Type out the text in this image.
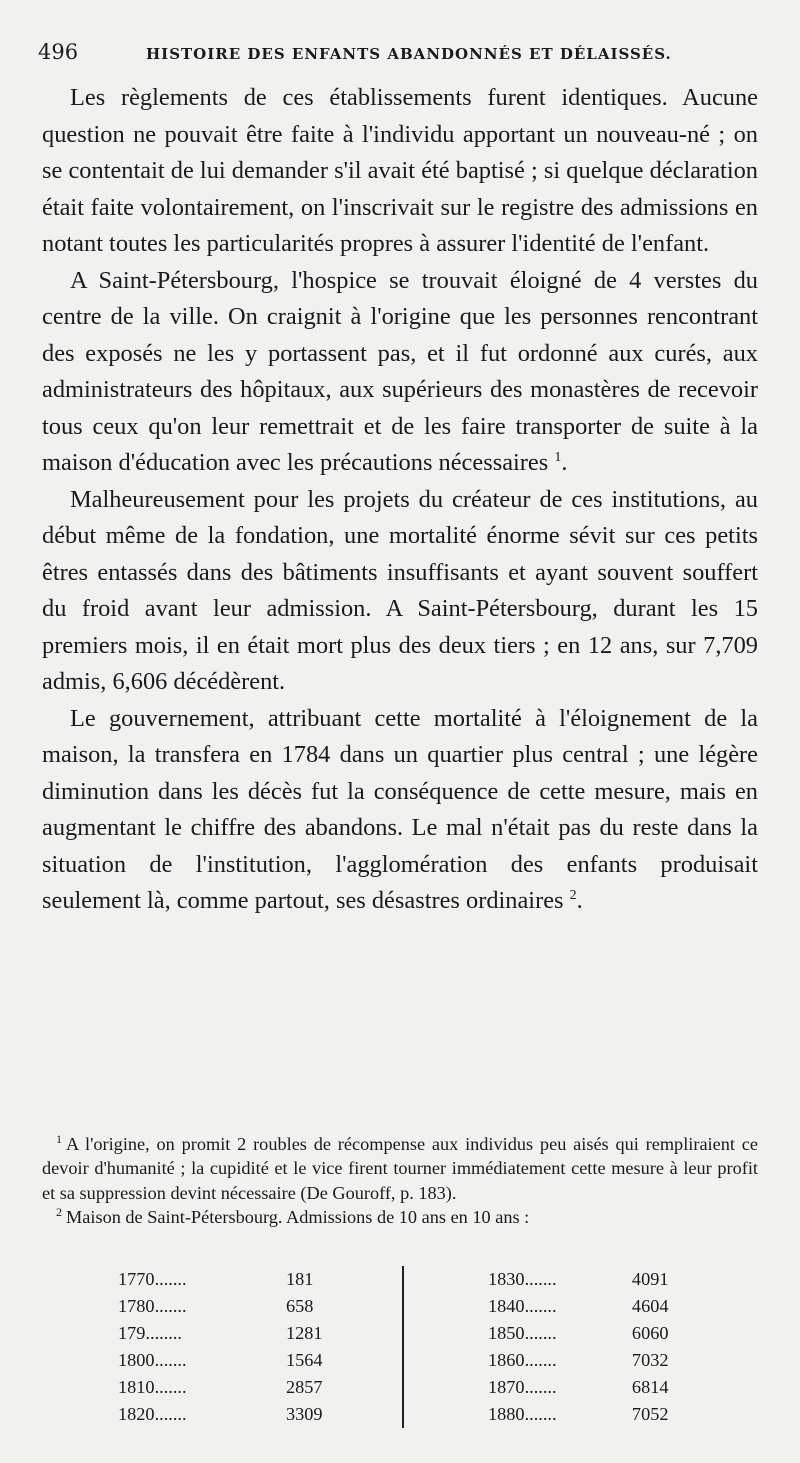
496	HISTOIRE DES ENFANTS ABANDONNÉS ET DÉLAISSÉS.

Les règlements de ces établissements furent identiques. Aucune question ne pouvait être faite à l'individu apportant un nouveau-né ; on se contentait de lui demander s'il avait été baptisé ; si quelque déclaration était faite volontairement, on l'inscrivait sur le registre des admissions en notant toutes les particularités propres à assurer l'identité de l'enfant.

A Saint-Pétersbourg, l'hospice se trouvait éloigné de 4 verstes du centre de la ville. On craignit à l'origine que les personnes rencontrant des exposés ne les y portassent pas, et il fut ordonné aux curés, aux administrateurs des hôpitaux, aux supérieurs des monastères de recevoir tous ceux qu'on leur remettrait et de les faire transporter de suite à la maison d'éducation avec les précautions nécessaires $^1$.

Malheureusement pour les projets du créateur de ces institutions, au début même de la fondation, une mortalité énorme sévit sur ces petits êtres entassés dans des bâtiments insuffisants et ayant souvent souffert du froid avant leur admission. A Saint-Pétersbourg, durant les 15 premiers mois, il en était mort plus des deux tiers ; en 12 ans, sur 7,709 admis, 6,606 décédèrent.

Le gouvernement, attribuant cette mortalité à l'éloignement de la maison, la transfera en 1784 dans un quartier plus central ; une légère diminution dans les décès fut la conséquence de cette mesure, mais en augmentant le chiffre des abandons. Le mal n'était pas du reste dans la situation de l'institution, l'agglomération des enfants produisait seulement là, comme partout, ses désastres ordinaires $^2$.

$^1$ A l'origine, on promit 2 roubles de récompense aux individus peu aisés qui rempliraient ce devoir d'humanité ; la cupidité et le vice firent tourner immédiatement cette mesure à leur profit et sa suppression devint nécessaire (De Gouroff, p. 183).

$^2$ Maison de Saint-Pétersbourg. Admissions de 10 ans en 10 ans :

1770.......	181
1780.......	658
179........	1281
1800.......	1564
1810.......	2857
1820.......	3309
1830.......	4091
1840.......	4604
1850.......	6060
1860.......	7032
1870.......	6814
1880.......	7052
